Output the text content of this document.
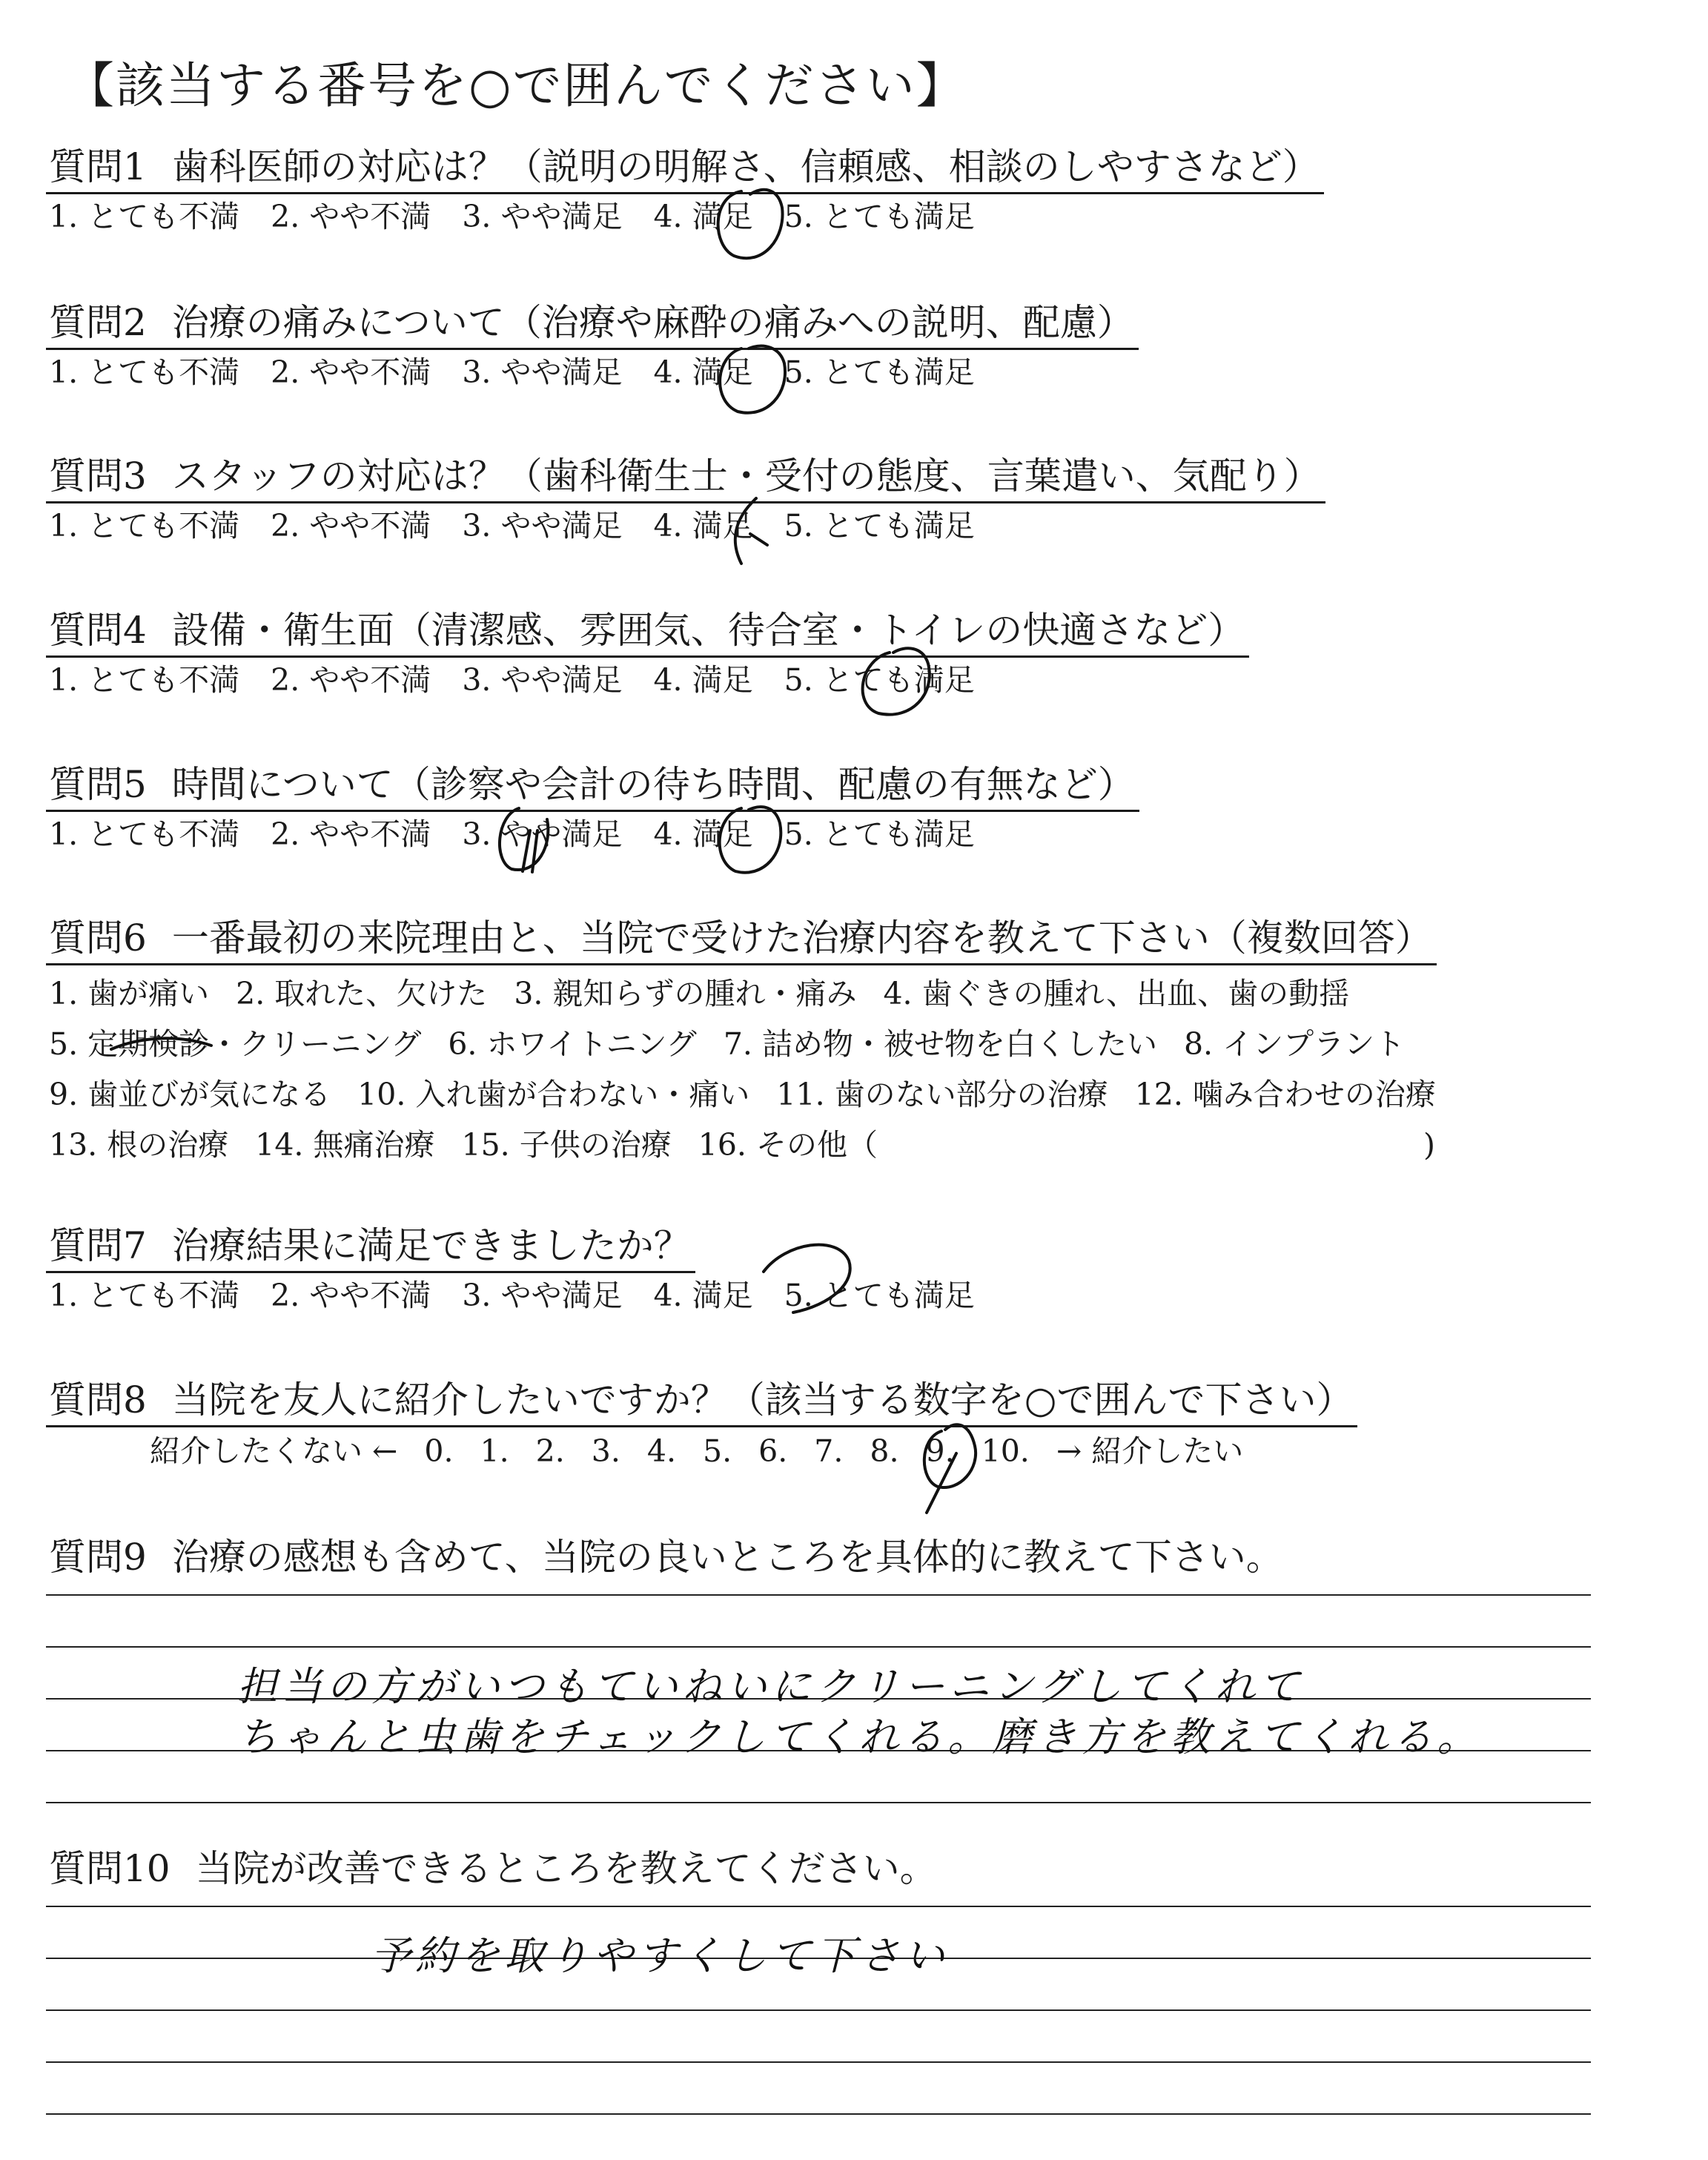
【該当する番号を○で囲んでください】
質問1 歯科医師の対応は？（説明の明解さ、信頼感、相談のしやすさなど）
1. とても不満 2. やや不満 3. やや満足 4. 満足 5. とても満足
質問2 治療の痛みについて（治療や麻酔の痛みへの説明、配慮）
1. とても不満 2. やや不満 3. やや満足 4. 満足 5. とても満足
質問3 スタッフの対応は？（歯科衛生士・受付の態度、言葉遣い、気配り）
1. とても不満 2. やや不満 3. やや満足 4. 満足 5. とても満足
質問4 設備・衛生面（清潔感、雰囲気、待合室・トイレの快適さなど）
1. とても不満 2. やや不満 3. やや満足 4. 満足 5. とても満足
質問5 時間について（診察や会計の待ち時間、配慮の有無など）
1. とても不満 2. やや不満 3. やや満足 4. 満足 5. とても満足
質問6 一番最初の来院理由と、当院で受けた治療内容を教えて下さい（複数回答）
1. 歯が痛い 2. 取れた、欠けた 3. 親知らずの腫れ・痛み 4. 歯ぐきの腫れ、出血、歯の動揺
5. 定期検診・クリーニング 6. ホワイトニング 7. 詰め物・被せ物を白くしたい 8. インプラント
9. 歯並びが気になる 10. 入れ歯が合わない・痛い 11. 歯のない部分の治療 12. 噛み合わせの治療
13. 根の治療 14. 無痛治療 15. 子供の治療 16. その他（	)
質問7 治療結果に満足できましたか？
1. とても不満 2. やや不満 3. やや満足 4. 満足 5. とても満足
質問8 当院を友人に紹介したいですか？（該当する数字を○で囲んで下さい）
紹介したくない ← 0. 1. 2. 3. 4. 5. 6. 7. 8. 9. 10. → 紹介したい
質問9 治療の感想も含めて、当院の良いところを具体的に教えて下さい。
担当の方がいつもていねいにクリーニングしてくれて
ちゃんと虫歯をチェックしてくれる。磨き方を教えてくれる。
質問10 当院が改善できるところを教えてください。
予約を取りやすくして下さい
